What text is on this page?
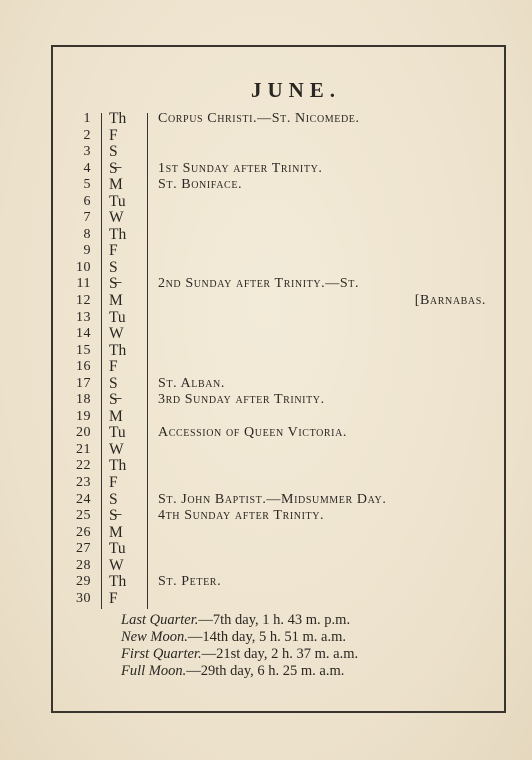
JUNE.
1 Th Corpus Christi.—St. Nicomede.
2 F
3 S
4 S̶	1st Sunday after Trinity.
5 M	St. Boniface.
6 Tu
7 W
8 Th
9 F
10 S
11 S̶	2nd Sunday after Trinity.—St.
12 M	[Barnabas.
13 Tu
14 W
15 Th
16 F
17 S	St. Alban.
18 S̶	3rd Sunday after Trinity.
19 M
20 Tu Accession of Queen Victoria.
21 W
22 Th
23 F
24 S	St. John Baptist.—Midsummer Day.
25 S̶	4th Sunday after Trinity.
26 M
27 Tu
28 W
29 Th St. Peter.
30 F
Last Quarter.—7th day, 1 h. 43 m. p.m.
New Moon.—14th day, 5 h. 51 m. a.m.
First Quarter.—21st day, 2 h. 37 m. a.m.
Full Moon.—29th day, 6 h. 25 m. a.m.
